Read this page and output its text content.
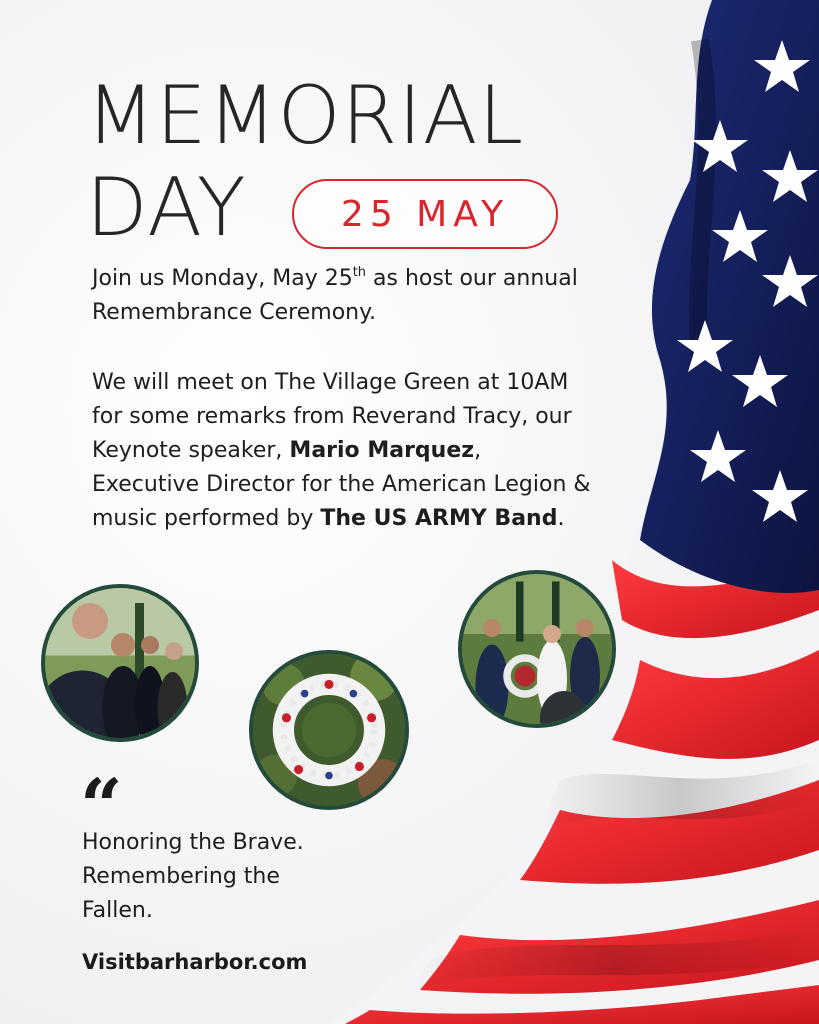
MEMORIAL
DAY	25 MAY

Join us Monday, May 25th as host our annual Remembrance Ceremony.

We will meet on The Village Green at 10AM for some remarks from Reverand Tracy, our Keynote speaker, Mario Marquez, Executive Director for the American Legion & music performed by The US ARMY Band.

“

Honoring the Brave.
Remembering the
Fallen.

Visitbarharbor.com
